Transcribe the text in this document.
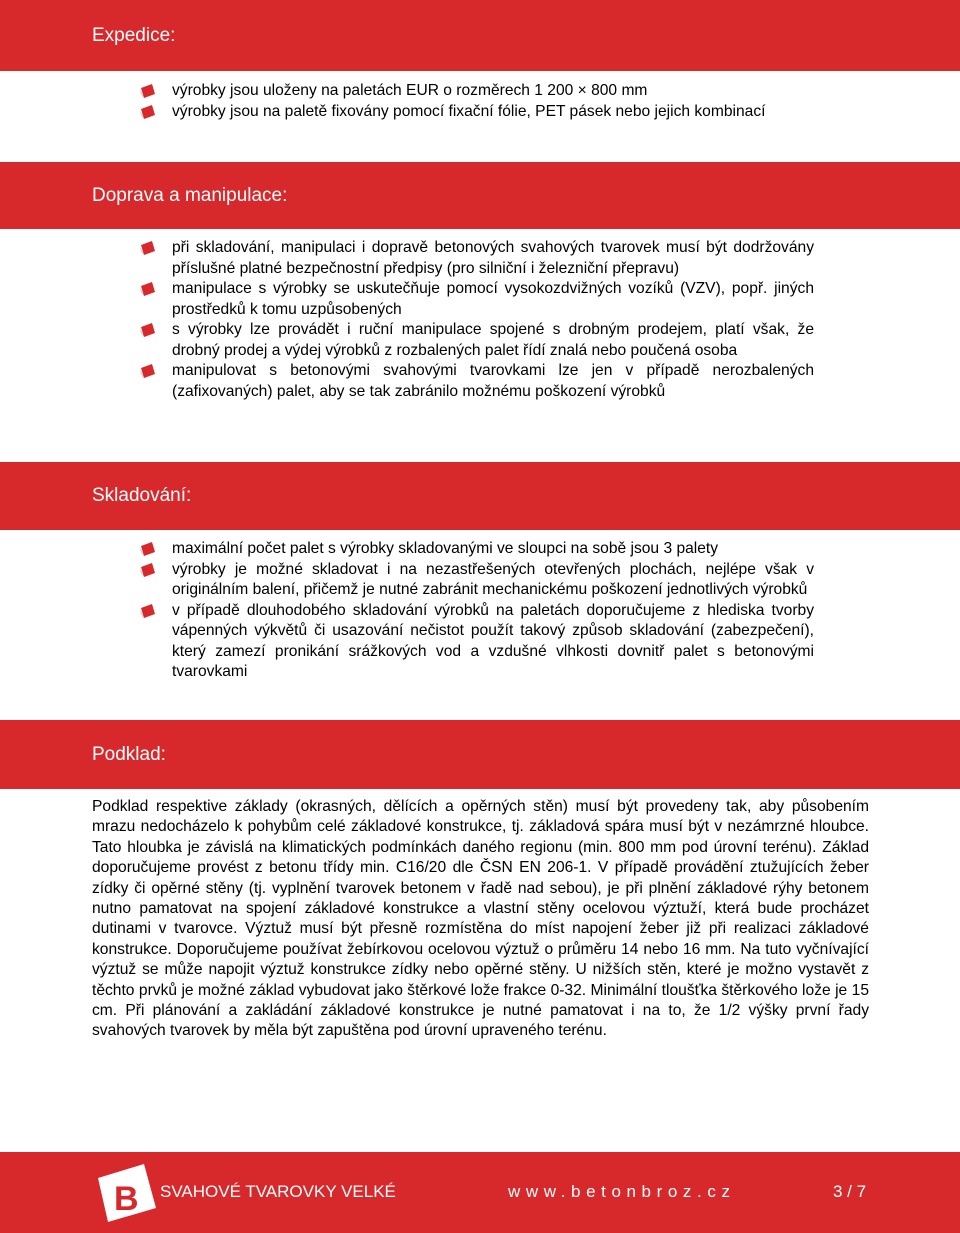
Expedice:
výrobky jsou uloženy na paletách EUR o rozměrech 1 200 × 800 mm
výrobky jsou na paletě fixovány pomocí fixační fólie, PET pásek nebo jejich kombinací
Doprava a manipulace:
při skladování, manipulaci i dopravě betonových svahových tvarovek musí být dodržovány příslušné platné bezpečnostní předpisy (pro silniční i železniční přepravu)
manipulace s výrobky se uskutečňuje pomocí vysokozdvižných vozíků (VZV), popř. jiných prostředků k tomu uzpůsobených
s výrobky lze provádět i ruční manipulace spojené s drobným prodejem, platí však, že drobný prodej a výdej výrobků z rozbalených palet řídí znalá nebo poučená osoba
manipulovat s betonovými svahovými tvarovkami lze jen v případě nerozbalených (zafixovaných) palet, aby se tak zabránilo možnému poškození výrobků
Skladování:
maximální počet palet s výrobky skladovanými ve sloupci na sobě jsou 3 palety
výrobky je možné skladovat i na nezastřešených otevřených plochách, nejlépe však v originálním balení, přičemž je nutné zabránit mechanickému poškození jednotlivých výrobků
v případě dlouhodobého skladování výrobků na paletách doporučujeme z hlediska tvorby vápenných výkvětů či usazování nečistot použít takový způsob skladování (zabezpečení), který zamezí pronikání srážkových vod a vzdušné vlhkosti dovnitř palet s betonovými tvarovkami
Podklad:
Podklad respektive základy (okrasných, dělících a opěrných stěn) musí být provedeny tak, aby působením mrazu nedocházelo k pohybům celé základové konstrukce, tj. základová spára musí být v nezámrzné hloubce. Tato hloubka je závislá na klimatických podmínkách daného regionu (min. 800 mm pod úrovní terénu). Základ doporučujeme provést z betonu třídy min. C16/20 dle ČSN EN 206-1. V případě provádění ztužujících žeber zídky či opěrné stěny (tj. vyplnění tvarovek betonem v řadě nad sebou), je při plnění základové rýhy betonem nutno pamatovat na spojení základové konstrukce a vlastní stěny ocelovou výztuží, která bude procházet dutinami v tvarovce. Výztuž musí být přesně rozmístěna do míst napojení žeber již při realizaci základové konstrukce. Doporučujeme používat žebírkovou ocelovou výztuž o průměru 14 nebo 16 mm. Na tuto vyčnívající výztuž se může napojit výztuž konstrukce zídky nebo opěrné stěny. U nižších stěn, které je možno vystavět z těchto prvků je možné základ vybudovat jako štěrkové lože frakce 0-32. Minimální tloušťka štěrkového lože je 15 cm. Při plánování a zakládání základové konstrukce je nutné pamatovat i na to, že 1/2 výšky první řady svahových tvarovek by měla být zapuštěna pod úrovní upraveného terénu.
B SVAHOVÉ TVAROVKY VELKÉ	www.betonbroz.cz	3 / 7
